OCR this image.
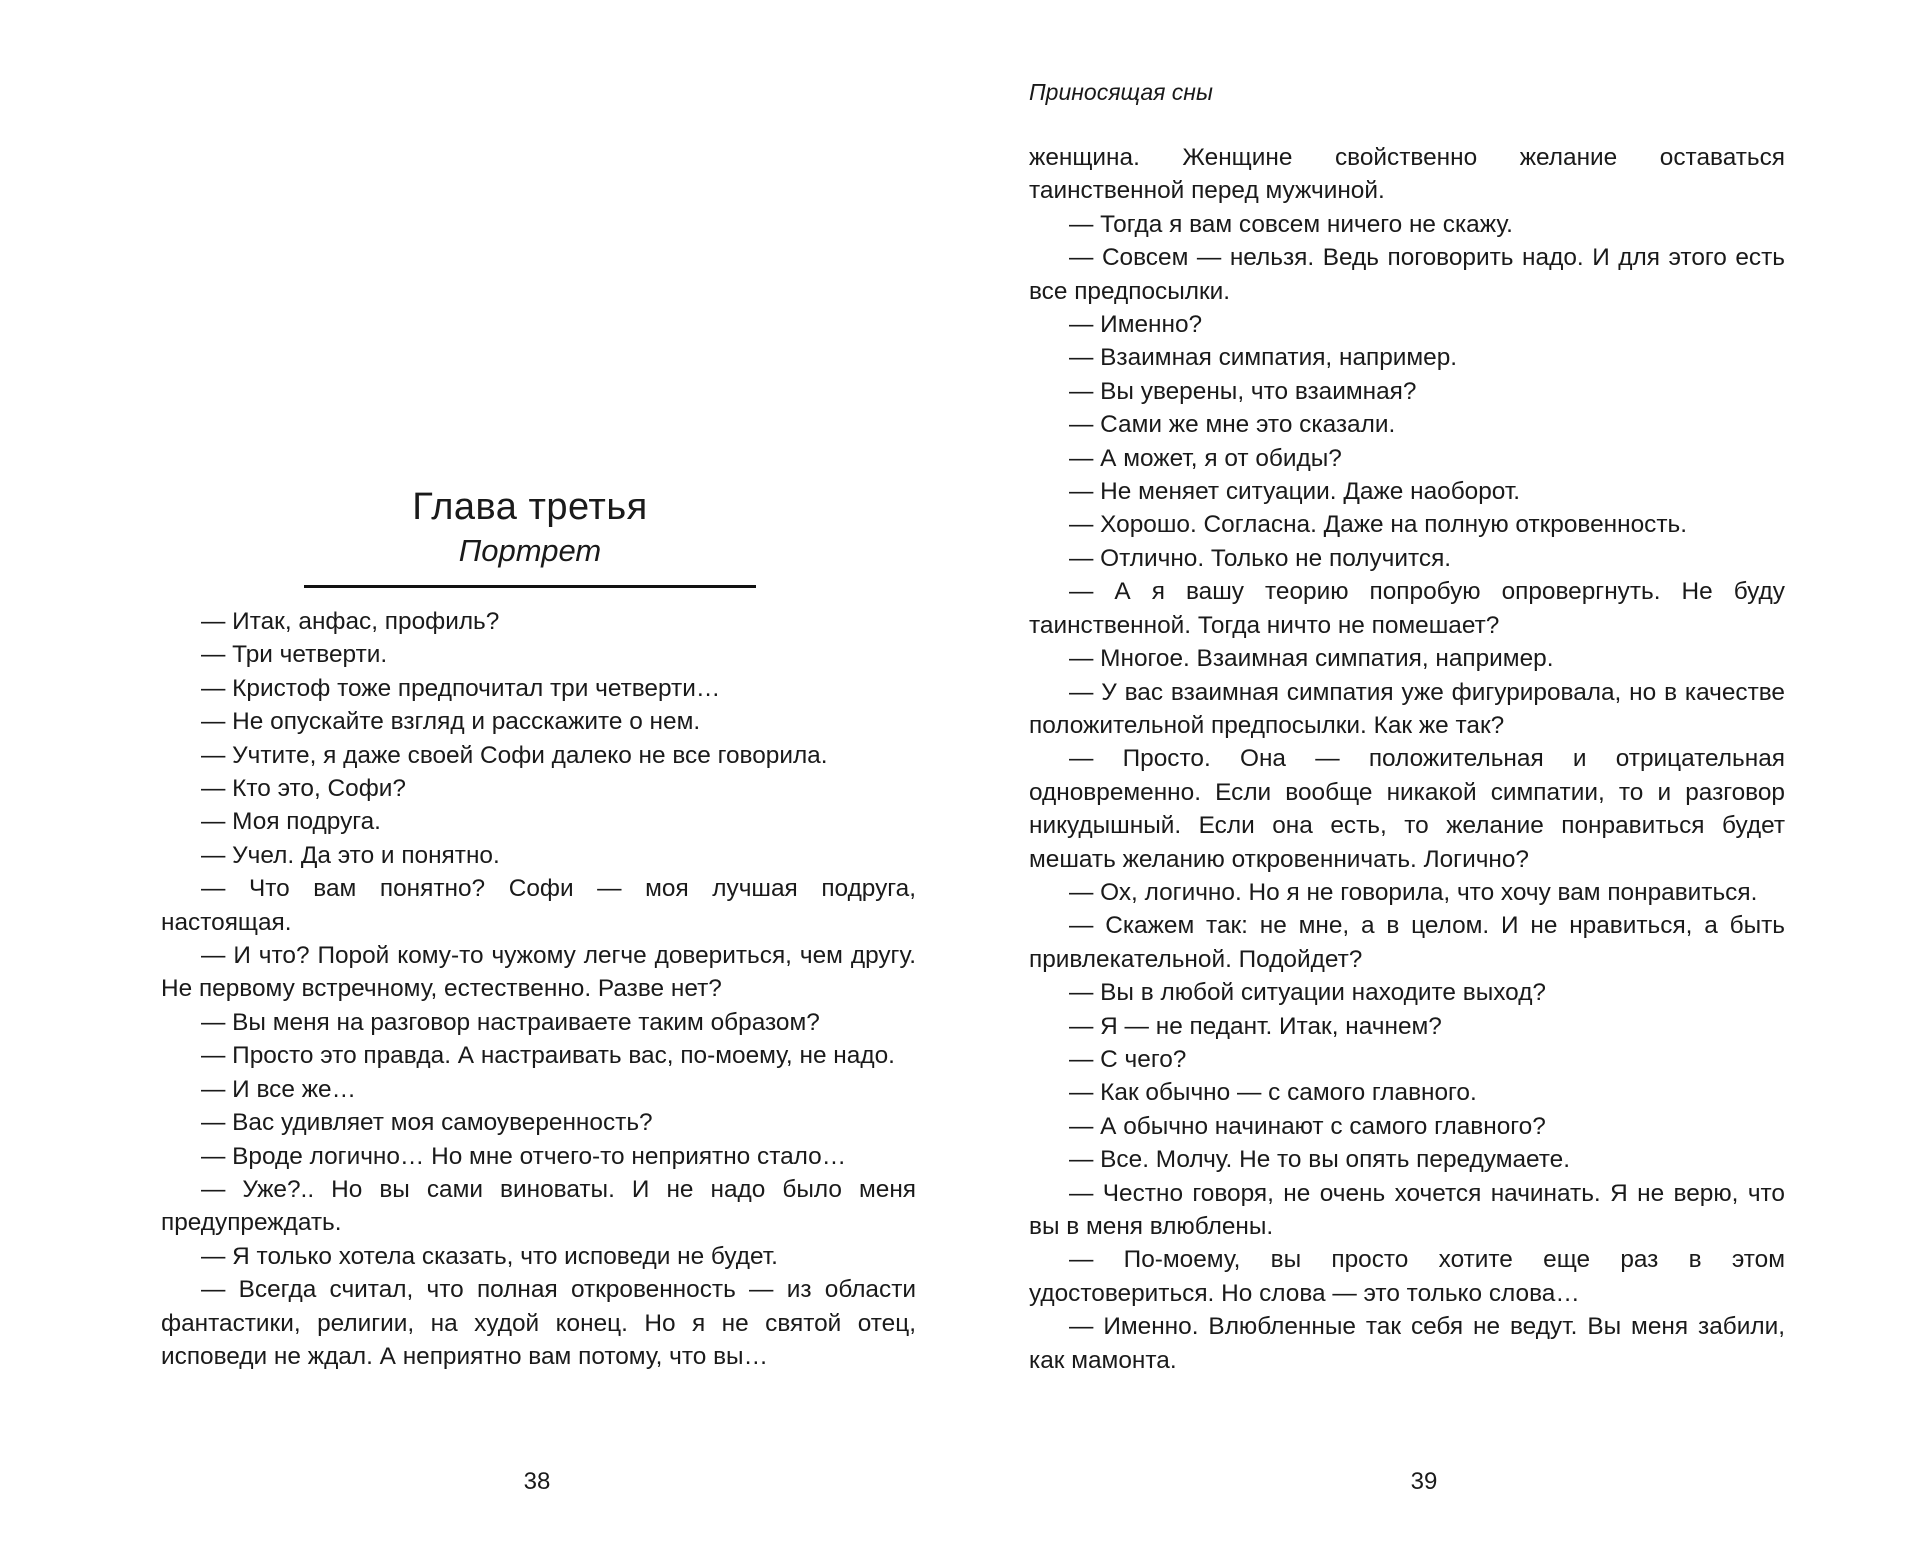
Глава третья
Портрет

— Итак, анфас, профиль?

— Три четверти.

— Кристоф тоже предпочитал три четверти…

— Не опускайте взгляд и расскажите о нем.

— Учтите, я даже своей Софи далеко не все говорила.

— Кто это, Софи?

— Моя подруга.

— Учел. Да это и понятно.

— Что вам понятно? Софи — моя лучшая подруга, настоящая.

— И что? Порой кому-то чужому легче довериться, чем другу. Не первому встречному, естественно. Разве нет?

— Вы меня на разговор настраиваете таким образом?

— Просто это правда. А настраивать вас, по-моему, не надо.

— И все же…

— Вас удивляет моя самоуверенность?

— Вроде логично… Но мне отчего-то неприятно стало…

— Уже?.. Но вы сами виноваты. И не надо было меня предупреждать.

— Я только хотела сказать, что исповеди не будет.

— Всегда считал, что полная откровенность — из области фантастики, религии, на худой конец. Но я не святой отец, исповеди не ждал. А неприятно вам потому, что вы…

38
Приносящая сны

женщина. Женщине свойственно желание оставаться таинственной перед мужчиной.

— Тогда я вам совсем ничего не скажу.

— Совсем — нельзя. Ведь поговорить надо. И для этого есть все предпосылки.

— Именно?

— Взаимная симпатия, например.

— Вы уверены, что взаимная?

— Сами же мне это сказали.

— А может, я от обиды?

— Не меняет ситуации. Даже наоборот.

— Хорошо. Согласна. Даже на полную откровенность.

— Отлично. Только не получится.

— А я вашу теорию попробую опровергнуть. Не буду таинственной. Тогда ничто не помешает?

— Многое. Взаимная симпатия, например.

— У вас взаимная симпатия уже фигурировала, но в качестве положительной предпосылки. Как же так?

— Просто. Она — положительная и отрицательная одновременно. Если вообще никакой симпатии, то и разговор никудышный. Если она есть, то желание понравиться будет мешать желанию откровенничать. Логично?

— Ох, логично. Но я не говорила, что хочу вам понравиться.

— Скажем так: не мне, а в целом. И не нравиться, а быть привлекательной. Подойдет?

— Вы в любой ситуации находите выход?

— Я — не педант. Итак, начнем?

— С чего?

— Как обычно — с самого главного.

— А обычно начинают с самого главного?

— Все. Молчу. Не то вы опять передумаете.

— Честно говоря, не очень хочется начинать. Я не верю, что вы в меня влюблены.

— По-моему, вы просто хотите еще раз в этом удостовериться. Но слова — это только слова…

— Именно. Влюбленные так себя не ведут. Вы меня забили, как мамонта.

39
